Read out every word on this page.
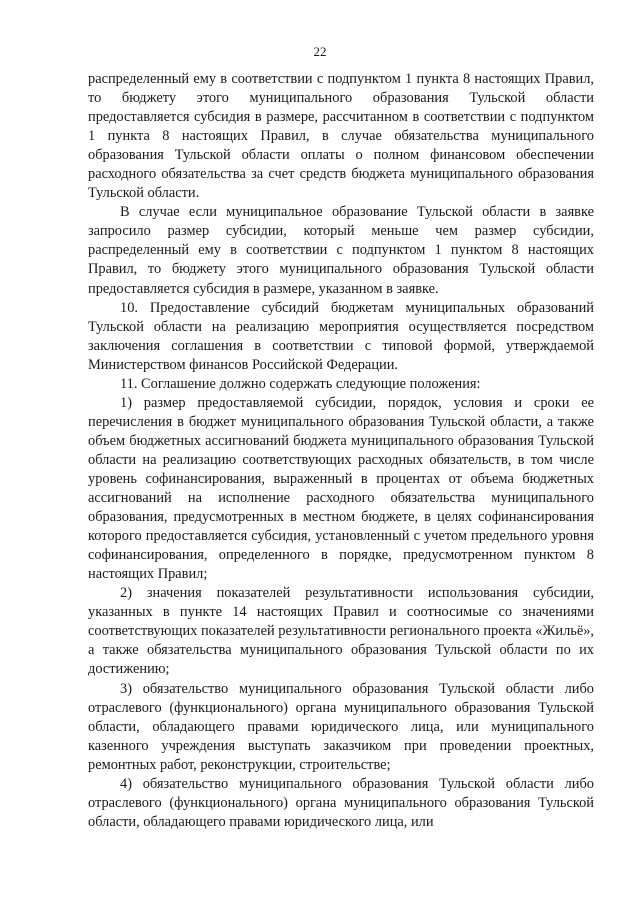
22

распределенный ему в соответствии с подпунктом 1 пункта 8 настоящих Правил, то бюджету этого муниципального образования Тульской области предоставляется субсидия в размере, рассчитанном в соответствии с подпунктом 1 пункта 8 настоящих Правил, в случае обязательства муниципального образования Тульской области оплаты о полном финансовом обеспечении расходного обязательства за счет средств бюджета муниципального образования Тульской области.

В случае если муниципальное образование Тульской области в заявке запросило размер субсидии, который меньше чем размер субсидии, распределенный ему в соответствии с подпунктом 1 пунктом 8 настоящих Правил, то бюджету этого муниципального образования Тульской области предоставляется субсидия в размере, указанном в заявке.

10. Предоставление субсидий бюджетам муниципальных образований Тульской области на реализацию мероприятия осуществляется посредством заключения соглашения в соответствии с типовой формой, утверждаемой Министерством финансов Российской Федерации.

11. Соглашение должно содержать следующие положения:

1) размер предоставляемой субсидии, порядок, условия и сроки ее перечисления в бюджет муниципального образования Тульской области, а также объем бюджетных ассигнований бюджета муниципального образования Тульской области на реализацию соответствующих расходных обязательств, в том числе уровень софинансирования, выраженный в процентах от объема бюджетных ассигнований на исполнение расходного обязательства муниципального образования, предусмотренных в местном бюджете, в целях софинансирования которого предоставляется субсидия, установленный с учетом предельного уровня софинансирования, определенного в порядке, предусмотренном пунктом 8 настоящих Правил;

2) значения показателей результативности использования субсидии, указанных в пункте 14 настоящих Правил и соотносимые со значениями соответствующих показателей результативности регионального проекта «Жильё», а также обязательства муниципального образования Тульской области по их достижению;

3) обязательство муниципального образования Тульской области либо отраслевого (функционального) органа муниципального образования Тульской области, обладающего правами юридического лица, или муниципального казенного учреждения выступать заказчиком при проведении проектных, ремонтных работ, реконструкции, строительстве;

4) обязательство муниципального образования Тульской области либо отраслевого (функционального) органа муниципального образования Тульской области, обладающего правами юридического лица, или
